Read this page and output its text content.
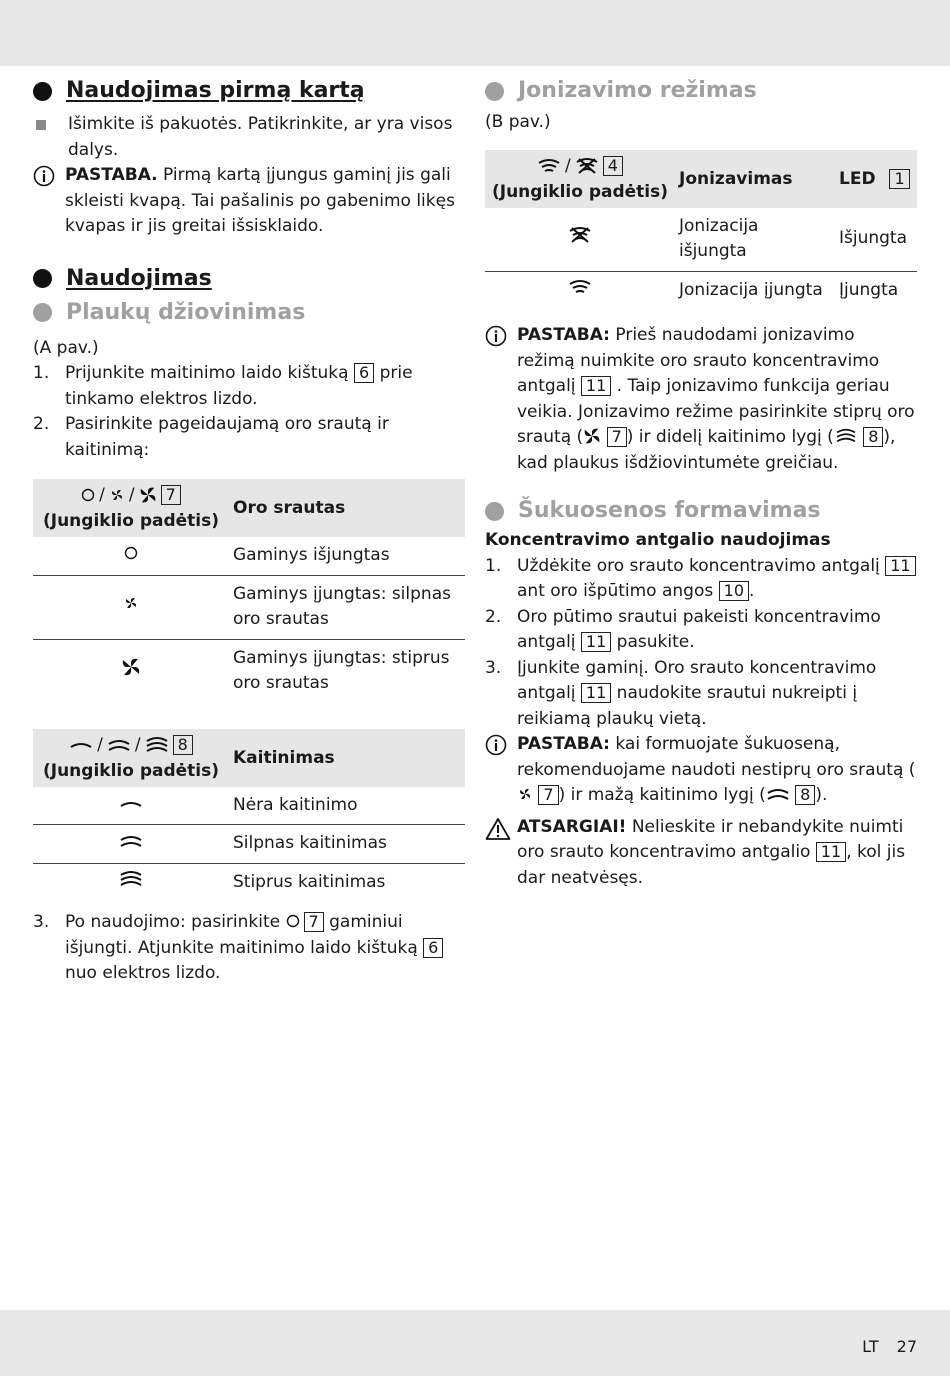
Naudojimas pirmą kartą
Išimkite iš pakuotės. Patikrinkite, ar yra visos dalys.
PASTABA. Pirmą kartą įjungus gaminį jis gali skleisti kvapą. Tai pašalinis po gabenimo likęs kvapas ir jis greitai išsisklaido.
Naudojimas
Plaukų džiovinimas
(A pav.)
1. Prijunkite maitinimo laido kištuką 6 prie tinkamo elektros lizdo.
2. Pasirinkite pageidaujamą oro srautą ir kaitinimą:
/ / 7
(Jungiklio padėtis)	Oro srautas
	Gaminys išjungtas
	Gaminys įjungtas: silpnas oro srautas
	Gaminys įjungtas: stiprus oro srautas
/ / 8
(Jungiklio padėtis)	Kaitinimas
	Nėra kaitinimo
	Silpnas kaitinimas
	Stiprus kaitinimas
3. Po naudojimo: pasirinkite 7 gaminiui išjungti. Atjunkite maitinimo laido kištuką 6 nuo elektros lizdo.
Jonizavimo režimas
(B pav.)
/ 4
(Jungiklio padėtis)	Jonizavimas	LED 1
	Jonizacija išjungta	Išjungta
	Jonizacija įjungta	Įjungta
PASTABA: Prieš naudodami jonizavimo režimą nuimkite oro srauto koncentravimo antgalį 11 . Taip jonizavimo funkcija geriau veikia. Jonizavimo režime pasirinkite stiprų oro srautą ( 7 ) ir didelį kaitinimo lygį ( 8 ), kad plaukus išdžiovintumėte greičiau.
Šukuosenos formavimas
Koncentravimo antgalio naudojimas
1. Uždėkite oro srauto koncentravimo antgalį 11 ant oro išpūtimo angos 10 .
2. Oro pūtimo srautui pakeisti koncentravimo antgalį 11 pasukite.
3. Įjunkite gaminį. Oro srauto koncentravimo antgalį 11 naudokite srautui nukreipti į reikiamą plaukų vietą.
PASTABA: kai formuojate šukuoseną, rekomenduojame naudoti nestiprų oro srautą ( 7 ) ir mažą kaitinimo lygį ( 8 ).
ATSARGIAI! Nelieskite ir nebandykite nuimti oro srauto koncentravimo antgalio 11 , kol jis dar neatvėsęs.
LT 27
